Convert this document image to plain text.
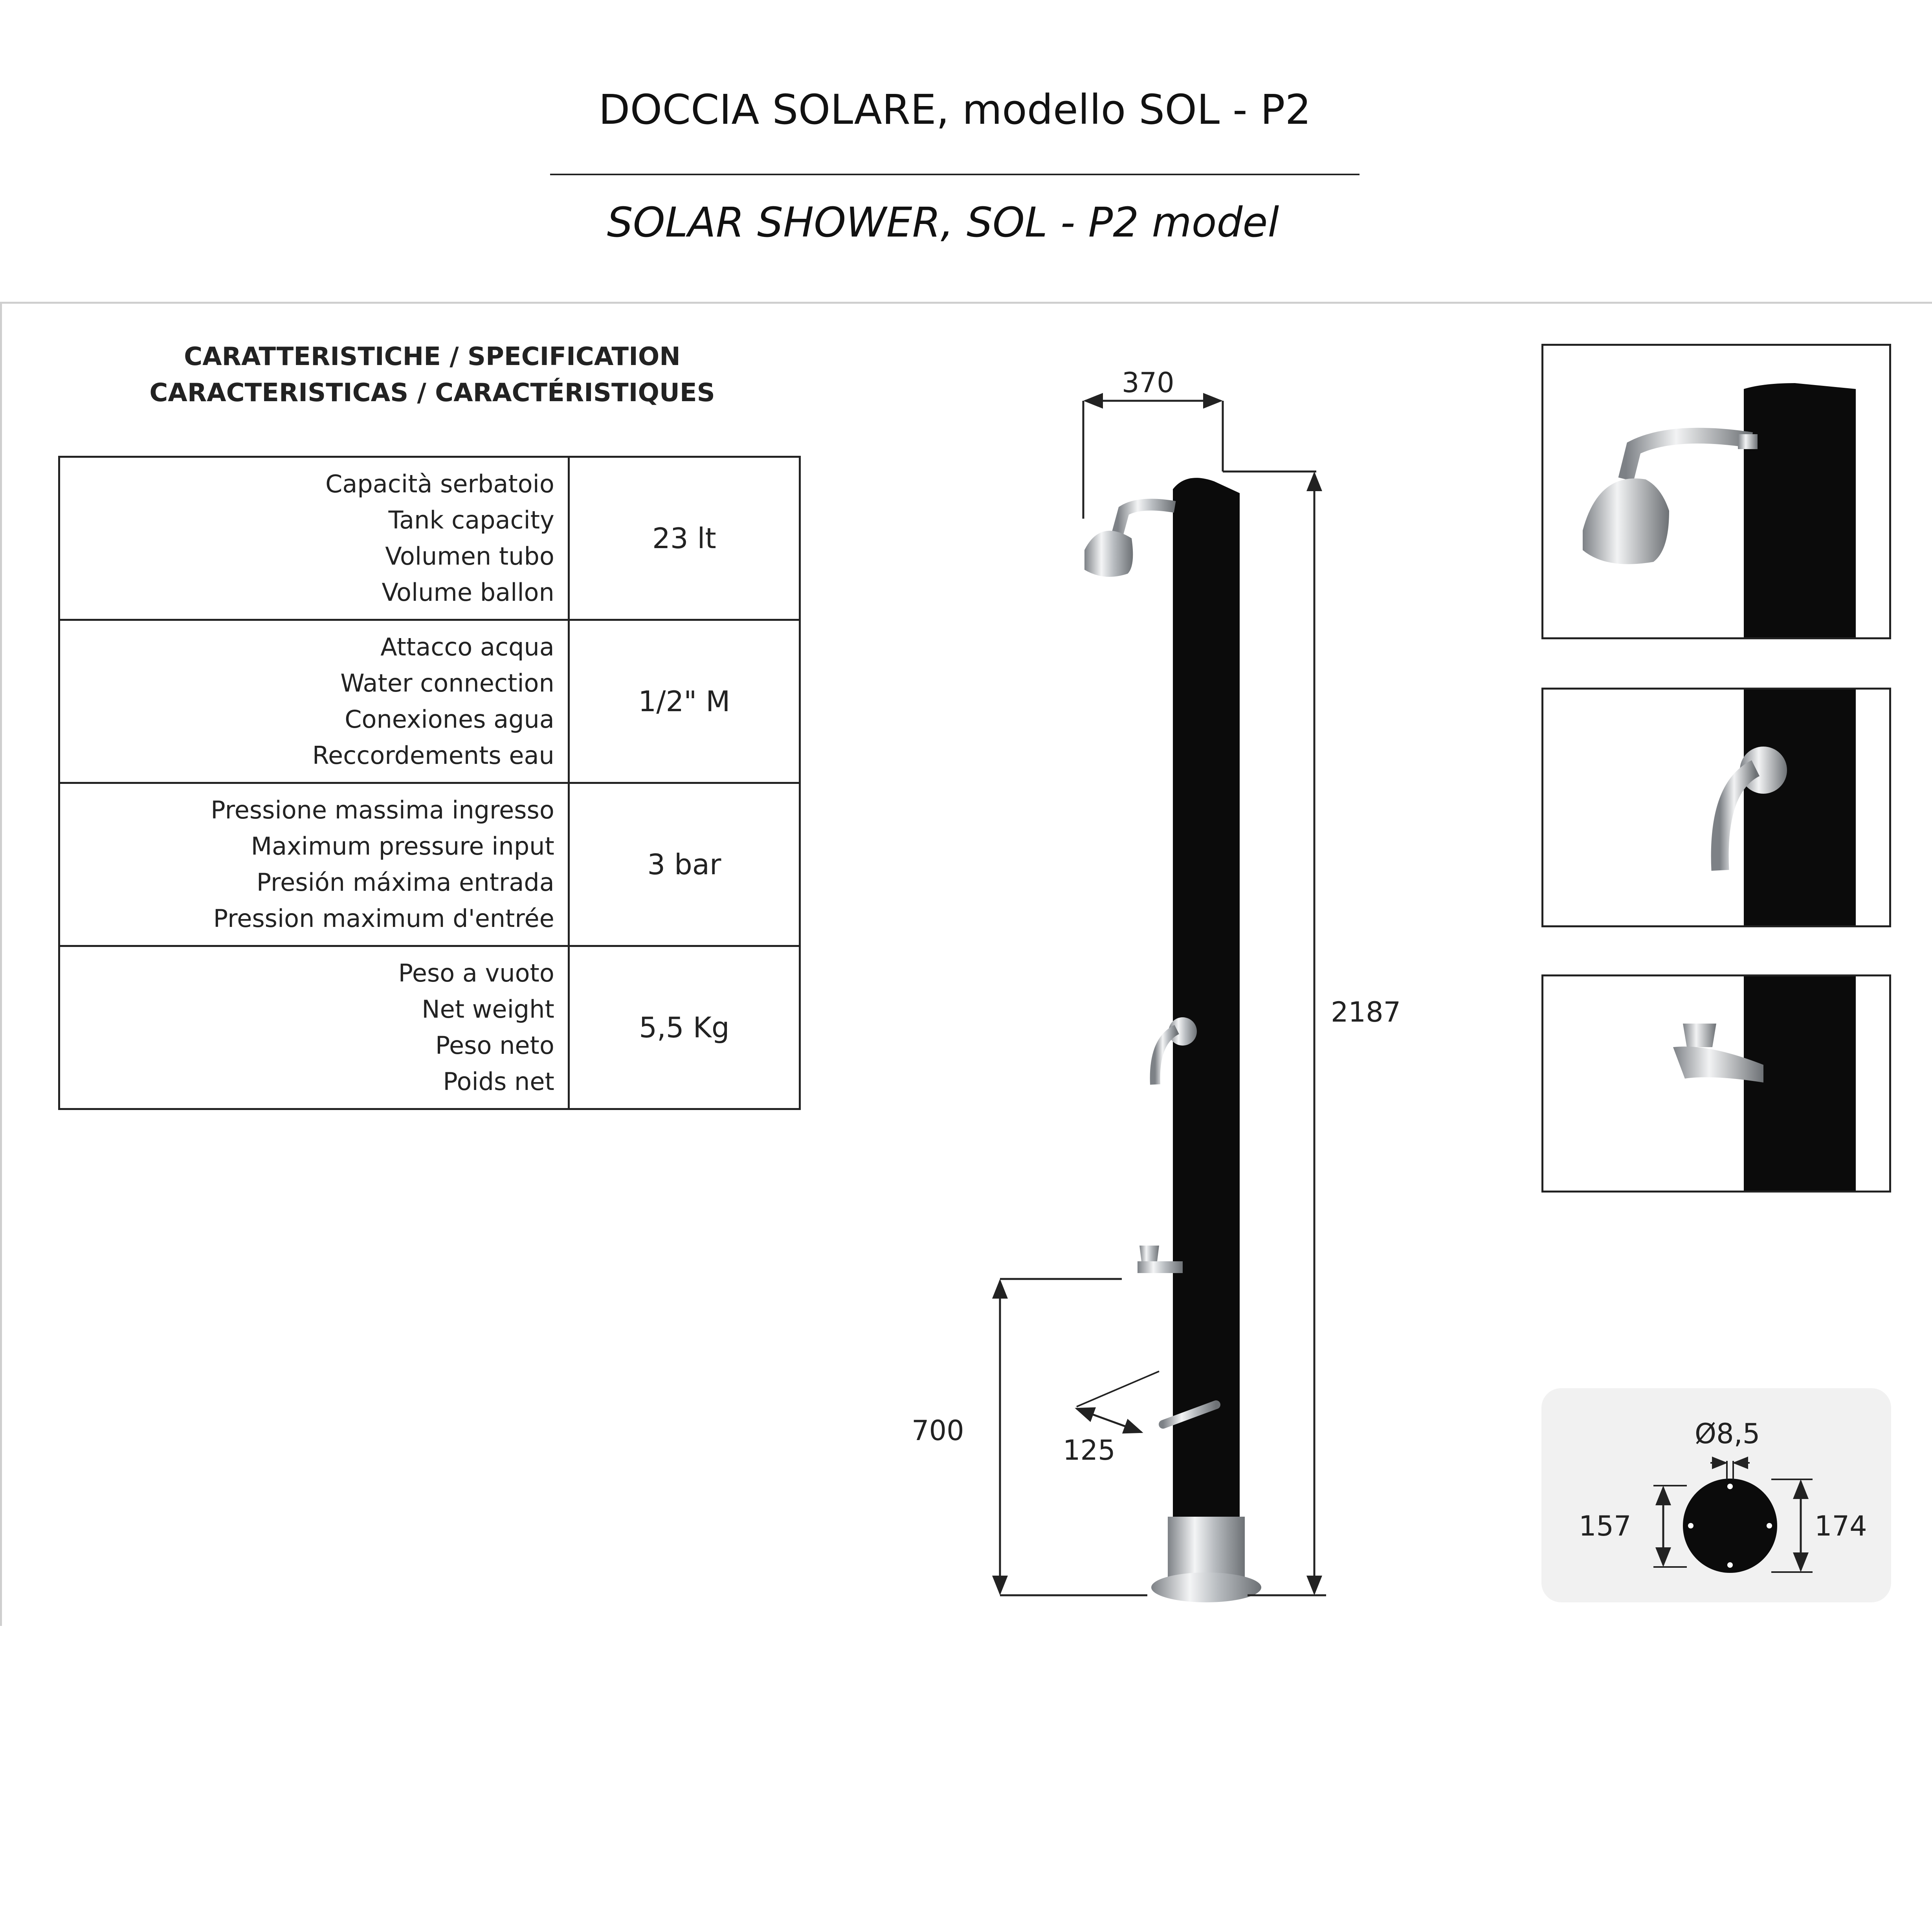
DOCCIA SOLARE, modello SOL - P2
SOLAR SHOWER, SOL - P2 model
CARATTERISTICHE / SPECIFICATION
CARACTERISTICAS / CARACTÉRISTIQUES
Capacità serbatoio
Tank capacity
Volumen tubo
Volume ballon	23 lt

Attacco acqua
Water connection
Conexiones agua
Reccordements eau	1/2" M

Pressione massima ingresso
Maximum pressure input
Presión máxima entrada
Pression maximum d'entrée	3 bar

Peso a vuoto
Net weight
Peso neto
Poids net	5,5 Kg
370
2187
700
125
Ø8,5
157	174
